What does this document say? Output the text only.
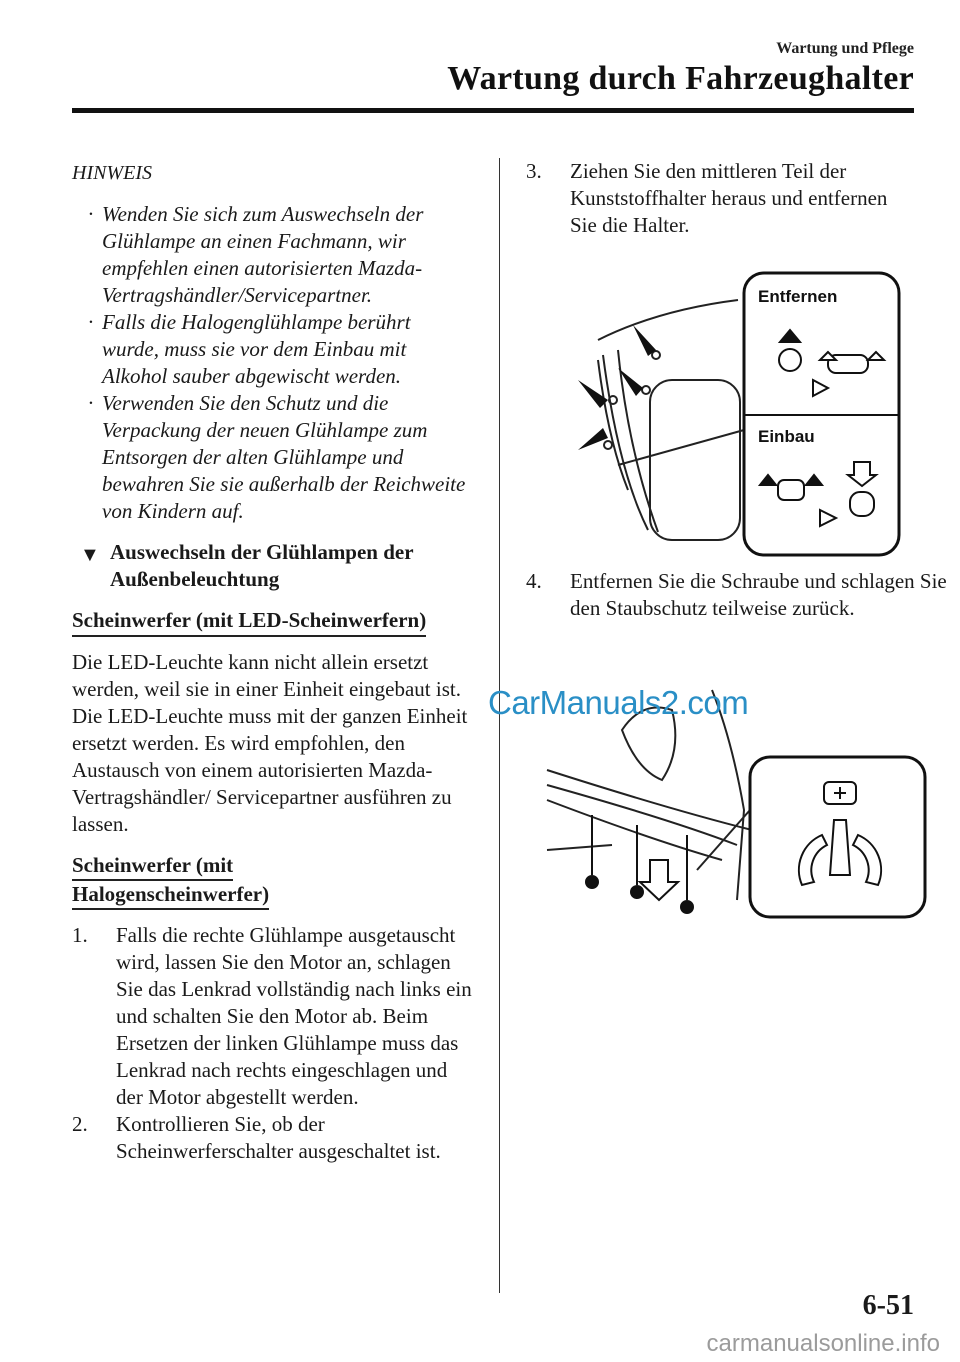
Wartung und Pflege
Wartung durch Fahrzeughalter
HINWEIS
· Wenden Sie sich zum Auswechseln der Glühlampe an einen Fachmann, wir empfehlen einen autorisierten Mazda-Vertragshändler/Servicepartner.
· Falls die Halogenglühlampe berührt wurde, muss sie vor dem Einbau mit Alkohol sauber abgewischt werden.
· Verwenden Sie den Schutz und die Verpackung der neuen Glühlampe zum Entsorgen der alten Glühlampe und bewahren Sie sie außerhalb der Reichweite von Kindern auf.
▼ Auswechseln der Glühlampen der Außenbeleuchtung
Scheinwerfer (mit LED-Scheinwerfern)
Die LED-Leuchte kann nicht allein ersetzt werden, weil sie in einer Einheit eingebaut ist.
Die LED-Leuchte muss mit der ganzen Einheit ersetzt werden. Es wird empfohlen, den Austausch von einem autorisierten Mazda-Vertragshändler/ Servicepartner ausführen zu lassen.
Scheinwerfer (mit
Halogenscheinwerfer)
1. Falls die rechte Glühlampe ausgetauscht wird, lassen Sie den Motor an, schlagen Sie das Lenkrad vollständig nach links ein und schalten Sie den Motor ab. Beim Ersetzen der linken Glühlampe muss das Lenkrad nach rechts eingeschlagen und der Motor abgestellt werden.
2. Kontrollieren Sie, ob der Scheinwerferschalter ausgeschaltet ist.
3. Ziehen Sie den mittleren Teil der Kunststoffhalter heraus und entfernen Sie die Halter.
4. Entfernen Sie die Schraube und schlagen Sie den Staubschutz teilweise zurück.
Entfernen
Einbau
CarManuals2.com
6-51
carmanualsonline.info
